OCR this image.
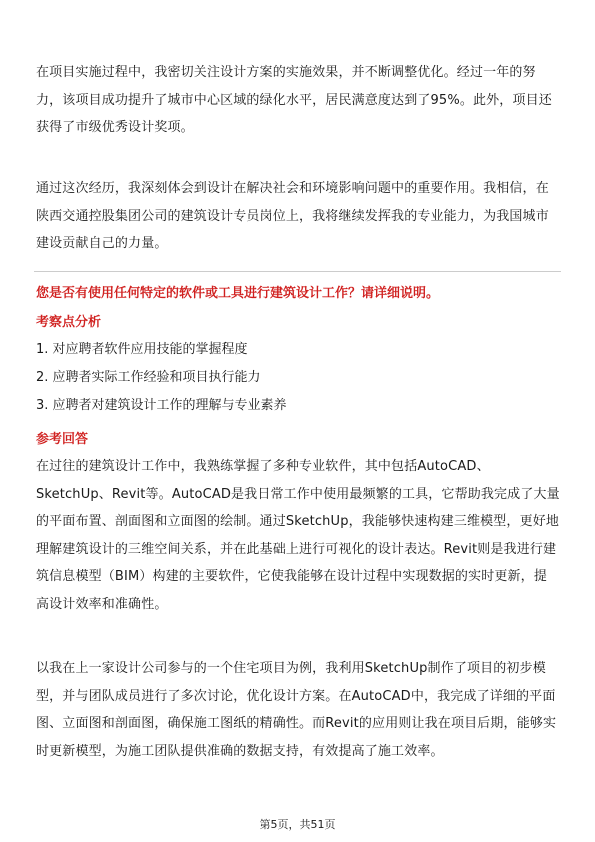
在项目实施过程中，我密切关注设计方案的实施效果，并不断调整优化。经过一年的努力，该项目成功提升了城市中心区域的绿化水平，居民满意度达到了95%。此外，项目还获得了市级优秀设计奖项。

通过这次经历，我深刻体会到设计在解决社会和环境影响问题中的重要作用。我相信，在陕西交通控股集团公司的建筑设计专员岗位上，我将继续发挥我的专业能力，为我国城市建设贡献自己的力量。

您是否有使用任何特定的软件或工具进行建筑设计工作？请详细说明。

考察点分析

1. 对应聘者软件应用技能的掌握程度

2. 应聘者实际工作经验和项目执行能力

3. 应聘者对建筑设计工作的理解与专业素养

参考回答

在过往的建筑设计工作中，我熟练掌握了多种专业软件，其中包括AutoCAD、SketchUp、Revit等。AutoCAD是我日常工作中使用最频繁的工具，它帮助我完成了大量的平面布置、剖面图和立面图的绘制。通过SketchUp，我能够快速构建三维模型，更好地理解建筑设计的三维空间关系，并在此基础上进行可视化的设计表达。Revit则是我进行建筑信息模型（BIM）构建的主要软件，它使我能够在设计过程中实现数据的实时更新，提高设计效率和准确性。

以我在上一家设计公司参与的一个住宅项目为例，我利用SketchUp制作了项目的初步模型，并与团队成员进行了多次讨论，优化设计方案。在AutoCAD中，我完成了详细的平面图、立面图和剖面图，确保施工图纸的精确性。而Revit的应用则让我在项目后期，能够实时更新模型，为施工团队提供准确的数据支持，有效提高了施工效率。

第5页，共51页
